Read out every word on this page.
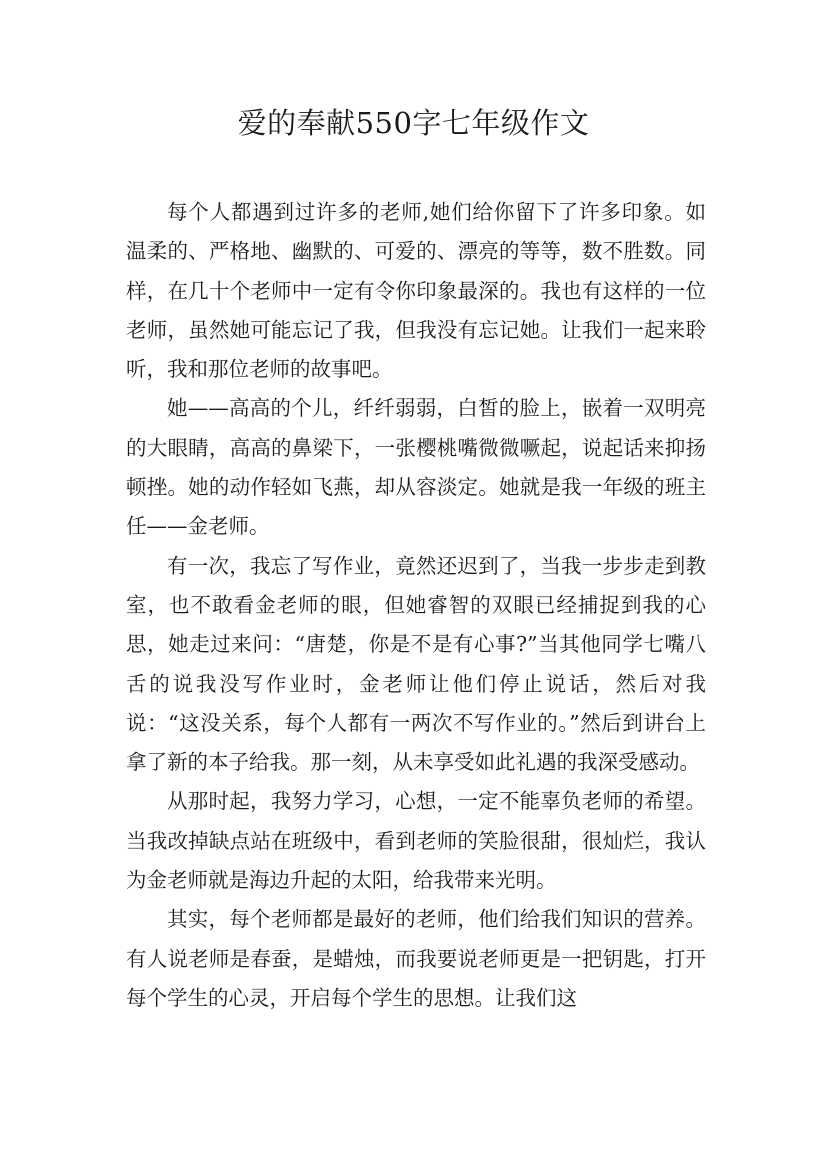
爱的奉献550字七年级作文

每个人都遇到过许多的老师,她们给你留下了许多印象。如温柔的、严格地、幽默的、可爱的、漂亮的等等，数不胜数。同样，在几十个老师中一定有令你印象最深的。我也有这样的一位老师，虽然她可能忘记了我，但我没有忘记她。让我们一起来聆听，我和那位老师的故事吧。

她——高高的个儿，纤纤弱弱，白皙的脸上，嵌着一双明亮的大眼睛，高高的鼻梁下，一张樱桃嘴微微噘起，说起话来抑扬顿挫。她的动作轻如飞燕，却从容淡定。她就是我一年级的班主任——金老师。

有一次，我忘了写作业，竟然还迟到了，当我一步步走到教室，也不敢看金老师的眼，但她睿智的双眼已经捕捉到我的心思，她走过来问：“唐楚，你是不是有心事?”当其他同学七嘴八舌的说我没写作业时，金老师让他们停止说话，然后对我说：“这没关系，每个人都有一两次不写作业的。”然后到讲台上拿了新的本子给我。那一刻，从未享受如此礼遇的我深受感动。

从那时起，我努力学习，心想，一定不能辜负老师的希望。当我改掉缺点站在班级中，看到老师的笑脸很甜，很灿烂，我认为金老师就是海边升起的太阳，给我带来光明。

其实，每个老师都是最好的老师，他们给我们知识的营养。有人说老师是春蚕，是蜡烛，而我要说老师更是一把钥匙，打开每个学生的心灵，开启每个学生的思想。让我们这
